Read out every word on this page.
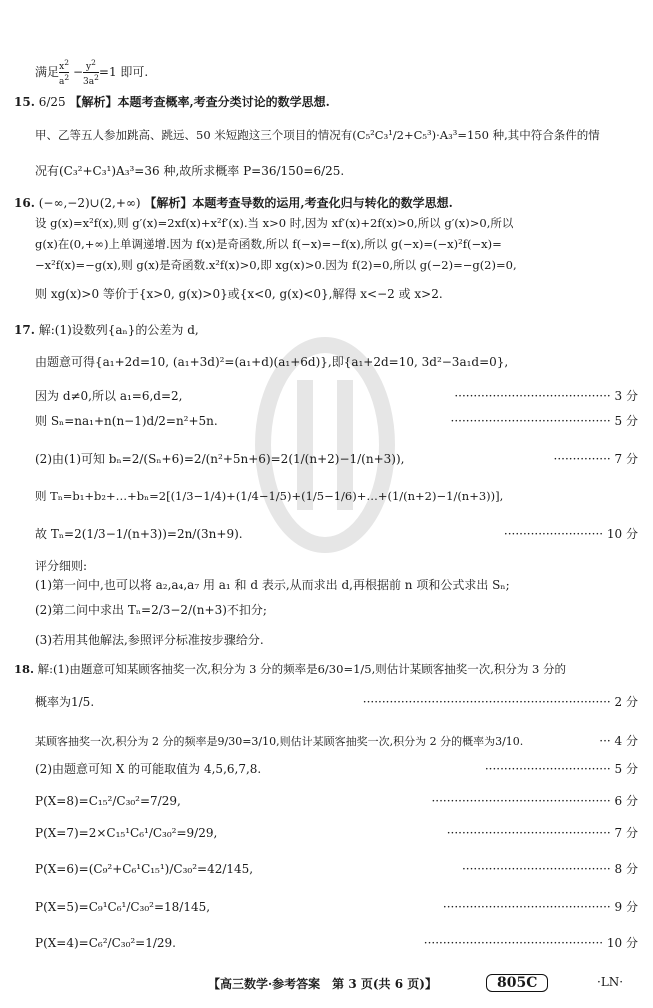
满足 $\frac{x^2}{a^2} - \frac{y^2}{3a^2} =1$ 即可.
15. 6/25 【解析】本题考查概率,考查分类讨论的数学思想.
甲、乙等五人参加跳高、跳远、50 米短跑这三个项目的情况有(C₅²C₃¹/2+C₅³)·A₃³=150 种,其中符合条件的情
况有(C₃²+C₃¹)A₃³=36 种,故所求概率 P=36/150=6/25.
16. (−∞,−2)∪(2,+∞) 【解析】本题考查导数的运用,考查化归与转化的数学思想.
设 g(x)=x²f(x),则 g′(x)=2xf(x)+x²f′(x).当 x>0 时,因为 xf′(x)+2f(x)>0,所以 g′(x)>0,所以
g(x)在(0,+∞)上单调递增.因为 f(x)是奇函数,所以 f(−x)=−f(x),所以 g(−x)=(−x)²f(−x)=
−x²f(x)=−g(x),则 g(x)是奇函数.x²f(x)>0,即 xg(x)>0.因为 f(2)=0,所以 g(−2)=−g(2)=0,
则 xg(x)>0 等价于{x>0, g(x)>0}或{x<0, g(x)<0},解得 x<−2 或 x>2.
17. 解:(1)设数列{aₙ}的公差为 d,
由题意可得{a₁+2d=10, (a₁+3d)²=(a₁+d)(a₁+6d)},即{a₁+2d=10, 3d²−3a₁d=0},
因为 d≠0,所以 a₁=6,d=2,	········································· 3 分
则 Sₙ=na₁+n(n−1)d/2=n²+5n.	·········································· 5 分
(2)由(1)可知 bₙ=2/(Sₙ+6)=2/(n²+5n+6)=2(1/(n+2)−1/(n+3)),	··············· 7 分
则 Tₙ=b₁+b₂+…+bₙ=2[(1/3−1/4)+(1/4−1/5)+(1/5−1/6)+…+(1/(n+2)−1/(n+3))],
故 Tₙ=2(1/3−1/(n+3))=2n/(3n+9).	·························· 10 分
评分细则:
(1)第一问中,也可以将 a₂,a₄,a₇ 用 a₁ 和 d 表示,从而求出 d,再根据前 n 项和公式求出 Sₙ;
(2)第二问中求出 Tₙ=2/3−2/(n+3)不扣分;
(3)若用其他解法,参照评分标准按步骤给分.
18. 解:(1)由题意可知某顾客抽奖一次,积分为 3 分的频率是6/30=1/5,则估计某顾客抽奖一次,积分为 3 分的
概率为1/5.	································································· 2 分
某顾客抽奖一次,积分为 2 分的频率是9/30=3/10,则估计某顾客抽奖一次,积分为 2 分的概率为3/10.	··· 4 分
(2)由题意可知 X 的可能取值为 4,5,6,7,8.	································· 5 分
P(X=8)=C₁₅²/C₃₀²=7/29,	··············································· 6 分
P(X=7)=2×C₁₅¹C₆¹/C₃₀²=9/29,	··········································· 7 分
P(X=6)=(C₉²+C₆¹C₁₅¹)/C₃₀²=42/145,	······································· 8 分
P(X=5)=C₉¹C₆¹/C₃₀²=18/145,	············································ 9 分
P(X=4)=C₆²/C₃₀²=1/29.	··············································· 10 分
【高三数学·参考答案　第 3 页(共 6 页)】	805C	·LN·
